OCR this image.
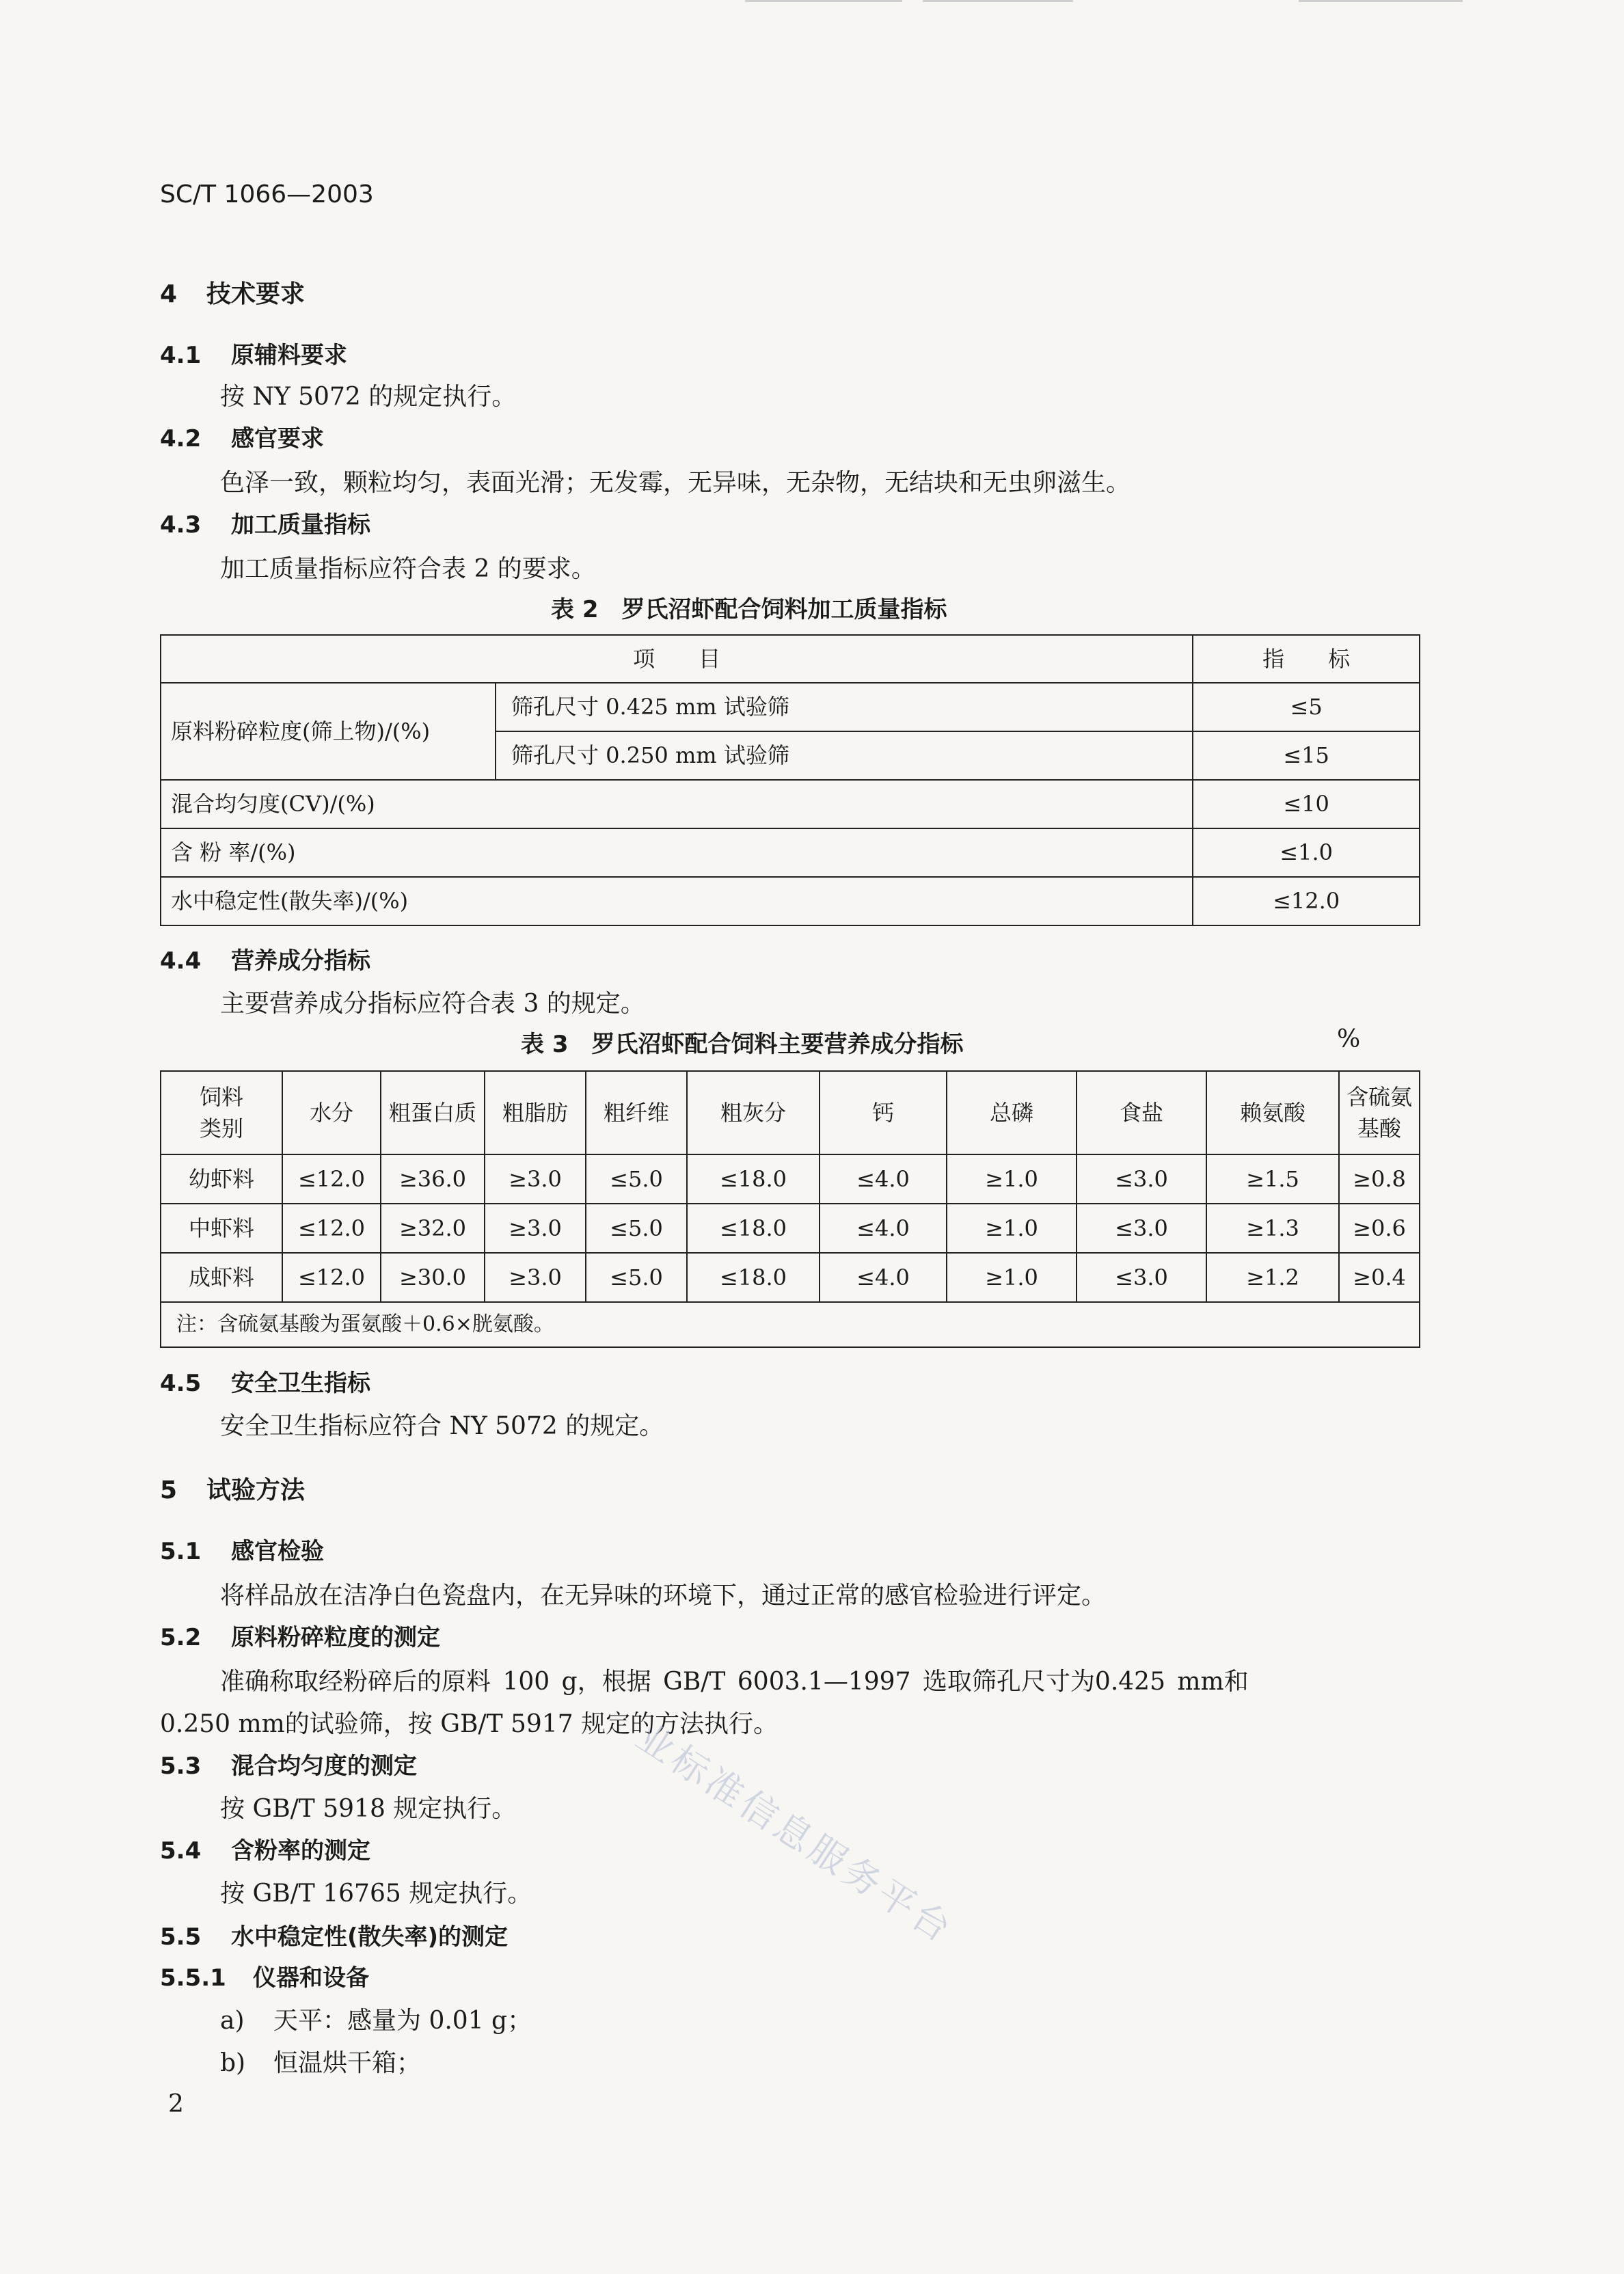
SC/T 1066—2003
4 技术要求
4.1 原辅料要求
按 NY 5072 的规定执行。
4.2 感官要求
色泽一致，颗粒均匀，表面光滑；无发霉，无异味，无杂物，无结块和无虫卵滋生。
4.3 加工质量指标
加工质量指标应符合表 2 的要求。
表 2　罗氏沼虾配合饲料加工质量指标
项　　目		指　　标
原料粉碎粒度(筛上物)/(%)	筛孔尺寸 0.425 mm 试验筛	≤5
	筛孔尺寸 0.250 mm 试验筛	≤15
混合均匀度(CV)/(%)		≤10
含 粉 率/(%)		≤1.0
水中稳定性(散失率)/(%)		≤12.0
4.4 营养成分指标
主要营养成分指标应符合表 3 的规定。
表 3　罗氏沼虾配合饲料主要营养成分指标	%
饲料类别	水分	粗蛋白质	粗脂肪	粗纤维	粗灰分	钙	总磷	食盐	赖氨酸	含硫氨基酸
幼虾料	≤12.0	≥36.0	≥3.0	≤5.0	≤18.0	≤4.0	≥1.0	≤3.0	≥1.5	≥0.8
中虾料	≤12.0	≥32.0	≥3.0	≤5.0	≤18.0	≤4.0	≥1.0	≤3.0	≥1.3	≥0.6
成虾料	≤12.0	≥30.0	≥3.0	≤5.0	≤18.0	≤4.0	≥1.0	≤3.0	≥1.2	≥0.4
注：含硫氨基酸为蛋氨酸＋0.6×胱氨酸。										
4.5 安全卫生指标
安全卫生指标应符合 NY 5072 的规定。
5 试验方法
5.1 感官检验
将样品放在洁净白色瓷盘内，在无异味的环境下，通过正常的感官检验进行评定。
5.2 原料粉碎粒度的测定
准确称取经粉碎后的原料 100 g，根据 GB/T 6003.1—1997 选取筛孔尺寸为0.425 mm和
0.250 mm的试验筛，按 GB/T 5917 规定的方法执行。
5.3 混合均匀度的测定
按 GB/T 5918 规定执行。
5.4 含粉率的测定
按 GB/T 16765 规定执行。
5.5 水中稳定性(散失率)的测定
5.5.1 仪器和设备
a) 天平：感量为 0.01 g；
b) 恒温烘干箱；
业标准信息服务平台
2
